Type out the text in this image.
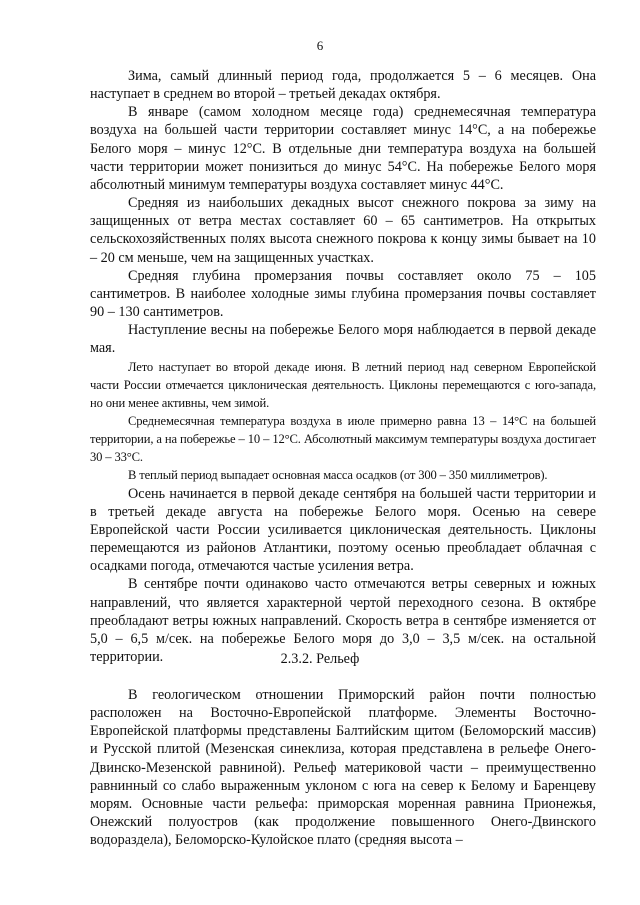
6

Зима, самый длинный период года, продолжается 5 – 6 месяцев. Она наступает в среднем во второй – третьей декадах октября.

В январе (самом холодном месяце года) среднемесячная температура воздуха на большей части территории составляет минус 14°С, а на побережье Белого моря – минус 12°С. В отдельные дни температура воздуха на большей части территории может понизиться до минус 54°С. На побережье Белого моря абсолютный минимум температуры воздуха составляет минус 44°С.

Средняя из наибольших декадных высот снежного покрова за зиму на защищенных от ветра местах составляет 60 – 65 сантиметров. На открытых сельскохозяйственных полях высота снежного покрова к концу зимы бывает на 10 – 20 см меньше, чем на защищенных участках.

Средняя глубина промерзания почвы составляет около 75 – 105 сантиметров. В наиболее холодные зимы глубина промерзания почвы составляет 90 – 130 сантиметров.

Наступление весны на побережье Белого моря наблюдается в первой декаде мая.

Лето наступает во второй декаде июня. В летний период над северном Европейской части России отмечается циклоническая деятельность. Циклоны перемещаются с юго-запада, но они менее активны, чем зимой.

Среднемесячная температура воздуха в июле примерно равна 13 – 14°С на большей территории, а на побережье – 10 – 12°С. Абсолютный максимум температуры воздуха достигает 30 – 33°С.

В теплый период выпадает основная масса осадков (от 300 – 350 миллиметров).

Осень начинается в первой декаде сентября на большей части территории и в третьей декаде августа на побережье Белого моря. Осенью на севере Европейской части России усиливается циклоническая деятельность. Циклоны перемещаются из районов Атлантики, поэтому осенью преобладает облачная с осадками погода, отмечаются частые усиления ветра.

В сентябре почти одинаково часто отмечаются ветры северных и южных направлений, что является характерной чертой переходного сезона. В октябре преобладают ветры южных направлений. Скорость ветра в сентябре изменяется от 5,0 – 6,5 м/сек. на побережье Белого моря до 3,0 – 3,5 м/сек. на остальной территории.	2.3.2. Рельеф

В геологическом отношении Приморский район почти полностью расположен на Восточно-Европейской платформе. Элементы Восточно-Европейской платформы представлены Балтийским щитом (Беломорский массив) и Русской плитой (Мезенская синеклиза, которая представлена в рельефе Онего-Двинско-Мезенской равниной). Рельеф материковой части – преимущественно равнинный со слабо выраженным уклоном с юга на север к Белому и Баренцеву морям. Основные части рельефа: приморская моренная равнина Прионежья, Онежский полуостров (как продолжение повышенного Онего-Двинского водораздела), Беломорско-Кулойское плато (средняя высота –
